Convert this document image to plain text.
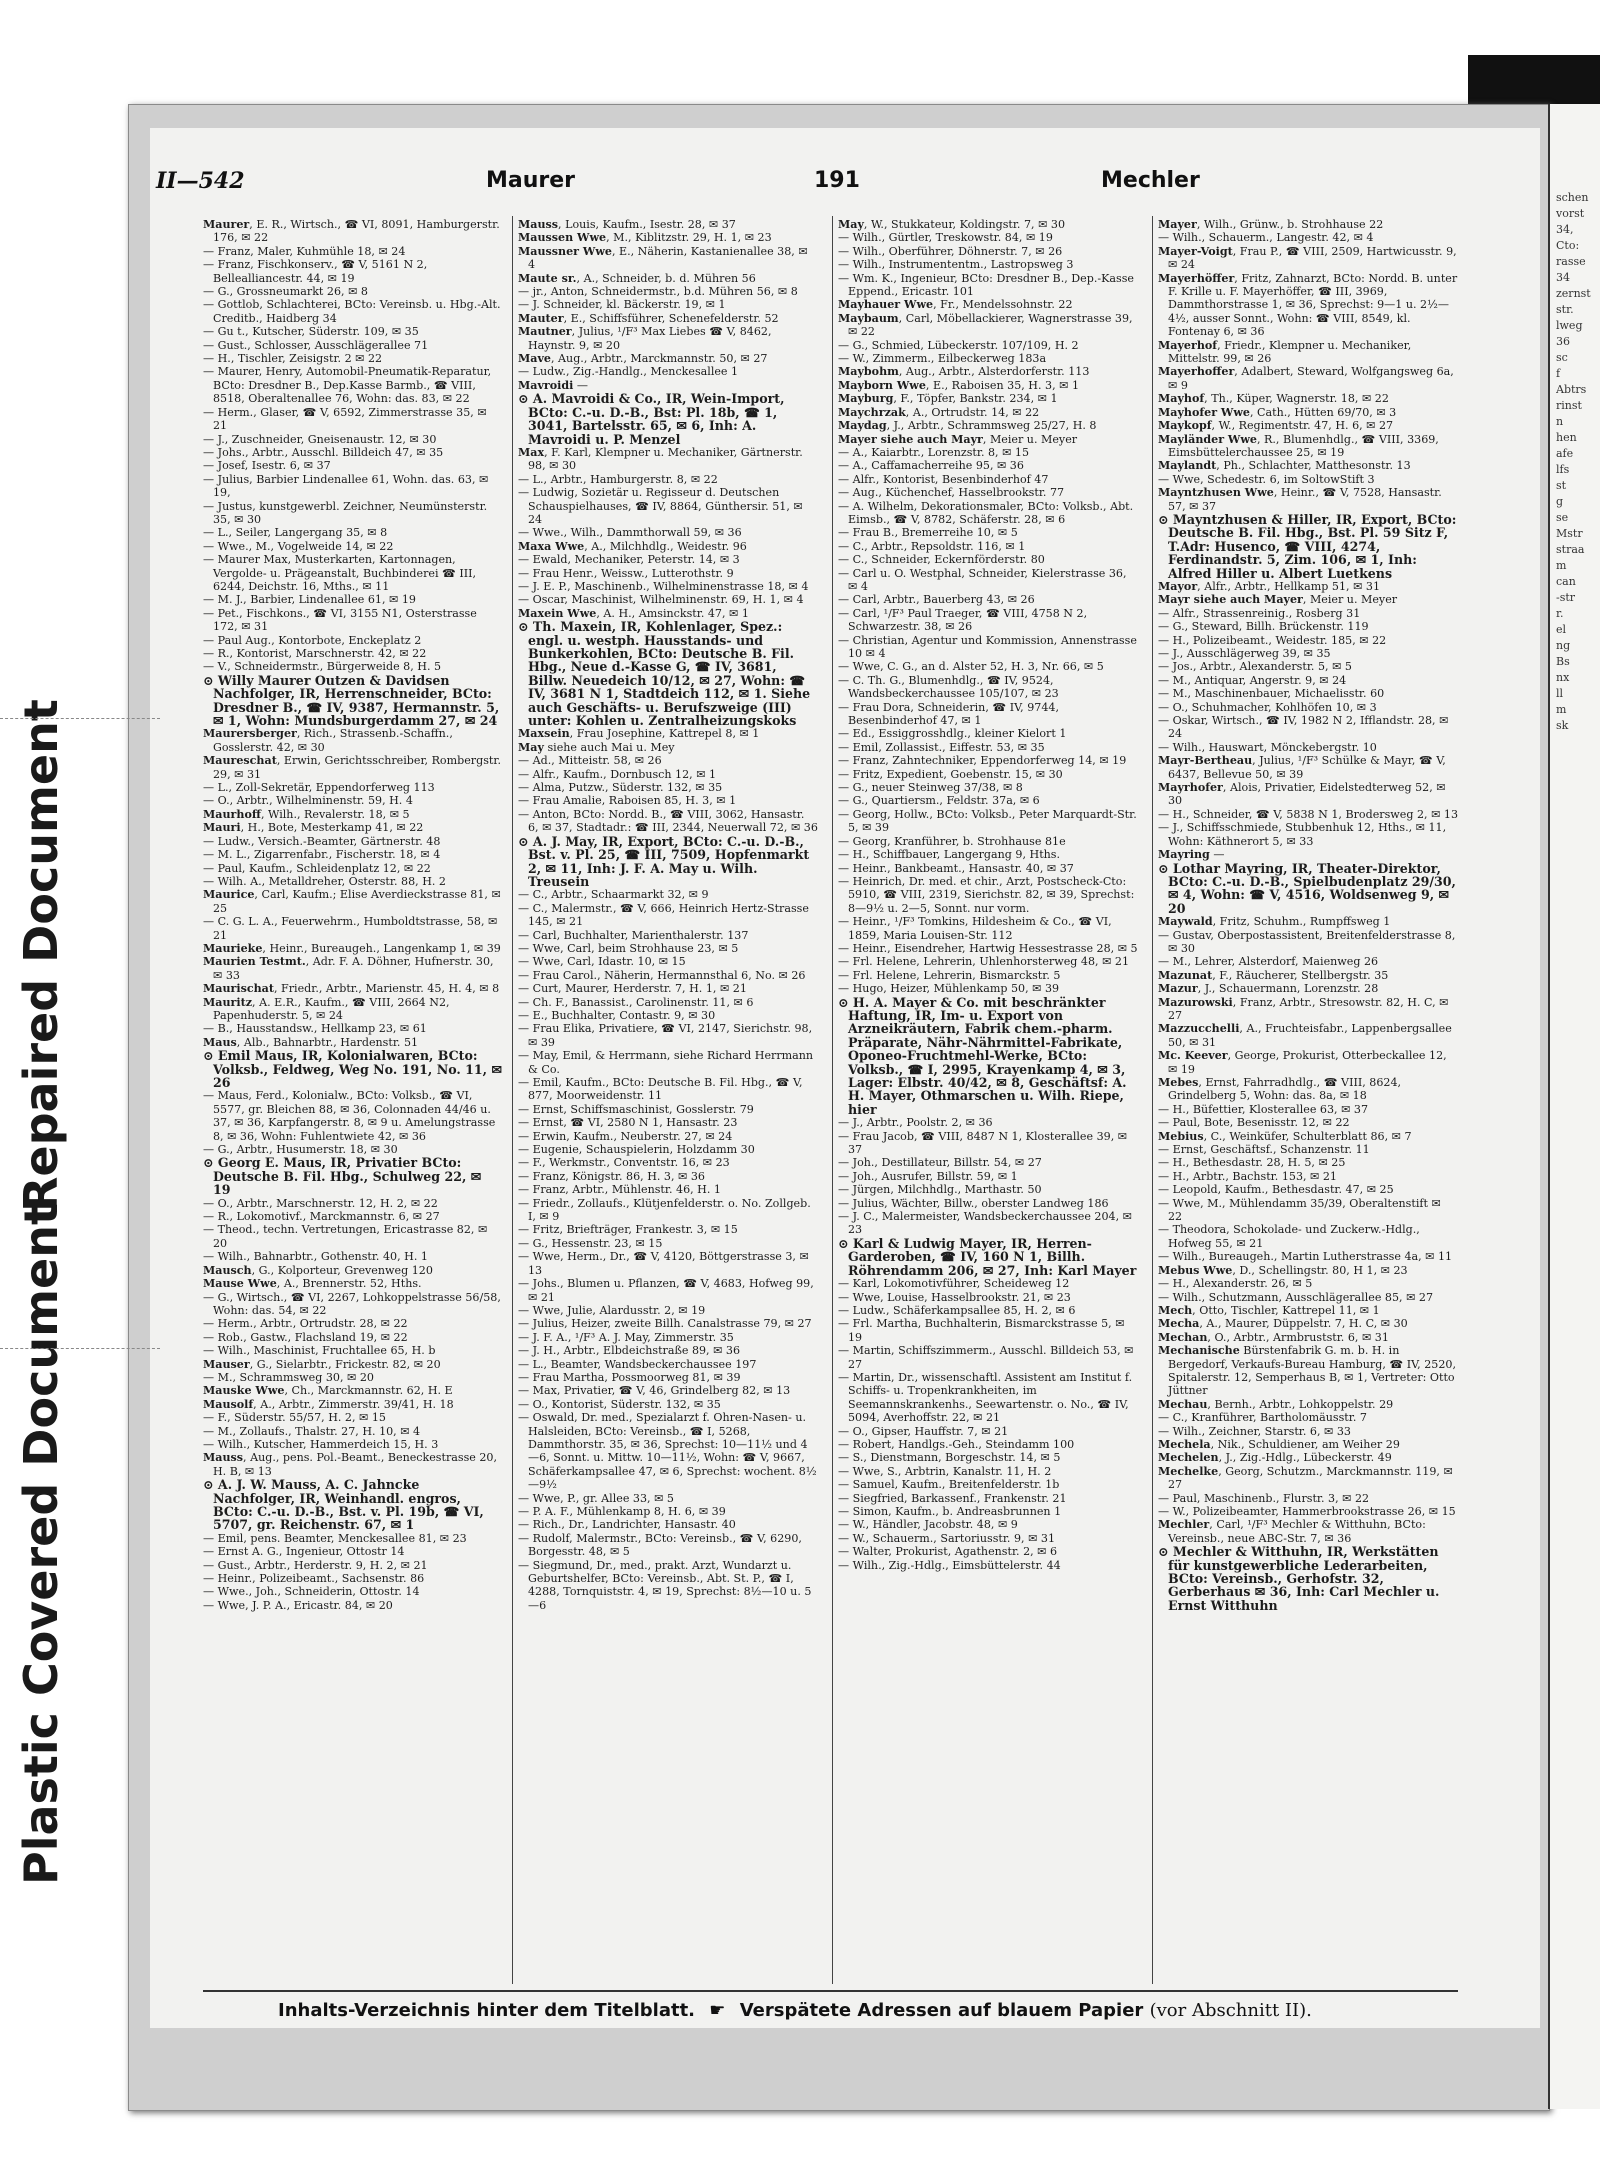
schen
vorst
34,
Cto:
rasse
34
zernst
str.
lweg
36
sc
f
Abtrs
rinst
n
hen
afe
lfs
st
g
se
Mstr
straa
m
can
-str
r.
el
ng
Bs
nx
ll
m
sk
Repaired Document
Plastic Covered Document
II—542	Maurer	191	Mechler

Maurer, E. R., Wirtsch., ☎ VI, 8091, Hamburgerstr. 176, ✉ 22

— Franz, Maler, Kuhmühle 18, ✉ 24

— Franz, Fischkonserv., ☎ V, 5161 N 2, Bellealliancestr. 44, ✉ 19

— G., Grossneumarkt 26, ✉ 8

— Gottlob, Schlachterei, BCto: Vereinsb. u. Hbg.-Alt. Creditb., Haidberg 34

— Gu t., Kutscher, Süderstr. 109, ✉ 35

— Gust., Schlosser, Ausschlägerallee 71

— H., Tischler, Zeisigstr. 2 ✉ 22

— Maurer, Henry, Automobil-Pneumatik-Reparatur, BCto: Dresdner B., Dep.Kasse Barmb., ☎ VIII, 8518, Oberaltenallee 76, Wohn: das. 83, ✉ 22

— Herm., Glaser, ☎ V, 6592, Zimmerstrasse 35, ✉ 21

— J., Zuschneider, Gneisenaustr. 12, ✉ 30

— Johs., Arbtr., Ausschl. Billdeich 47, ✉ 35

— Josef, Isestr. 6, ✉ 37

— Julius, Barbier Lindenallee 61, Wohn. das. 63, ✉ 19,

— Justus, kunstgewerbl. Zeichner, Neumünsterstr. 35, ✉ 30

— L., Seiler, Langergang 35, ✉ 8

— Wwe., M., Vogelweide 14, ✉ 22

— Maurer Max, Musterkarten, Kartonnagen, Vergolde- u. Prägeanstalt, Buchbinderei ☎ III, 6244, Deichstr. 16, Mths., ✉ 11

— M. J., Barbier, Lindenallee 61, ✉ 19

— Pet., Fischkons., ☎ VI, 3155 N1, Osterstrasse 172, ✉ 31

— Paul Aug., Kontorbote, Enckeplatz 2

— R., Kontorist, Marschnerstr. 42, ✉ 22

— V., Schneidermstr., Bürgerweide 8, H. 5

⊙ Willy Maurer Outzen & Davidsen Nachfolger, IR, Herrenschneider, BCto: Dresdner B., ☎ IV, 9387, Hermannstr. 5, ✉ 1, Wohn: Mundsburgerdamm 27, ✉ 24

Maurersberger, Rich., Strassenb.-Schaffn., Gosslerstr. 42, ✉ 30

Maureschat, Erwin, Gerichtsschreiber, Rombergstr. 29, ✉ 31

— L., Zoll-Sekretär, Eppendorferweg 113

— O., Arbtr., Wilhelminenstr. 59, H. 4

Maurhoff, Wilh., Revalerstr. 18, ✉ 5

Mauri, H., Bote, Mesterkamp 41, ✉ 22

— Ludw., Versich.-Beamter, Gärtnerstr. 48

— M. L., Zigarrenfabr., Fischerstr. 18, ✉ 4

— Paul, Kaufm., Schleidenplatz 12, ✉ 22

— Wilh. A., Metalldreher, Osterstr. 88, H. 2

Maurice, Carl, Kaufm.; Elise Averdieckstrasse 81, ✉ 25

— C. G. L. A., Feuerwehrm., Humboldtstrasse, 58, ✉ 21

Maurieke, Heinr., Bureaugeh., Langenkamp 1, ✉ 39

Maurien Testmt., Adr. F. A. Döhner, Hufnerstr. 30, ✉ 33

Maurischat, Friedr., Arbtr., Marienstr. 45, H. 4, ✉ 8

Mauritz, A. E.R., Kaufm., ☎ VIII, 2664 N2, Papenhuderstr. 5, ✉ 24

— B., Hausstandsw., Hellkamp 23, ✉ 61

Maus, Alb., Bahnarbtr., Hardenstr. 51

⊙ Emil Maus, IR, Kolonialwaren, BCto: Volksb., Feldweg, Weg No. 191, No. 11, ✉ 26

— Maus, Ferd., Kolonialw., BCto: Volksb., ☎ VI, 5577, gr. Bleichen 88, ✉ 36, Colonnaden 44/46 u. 37, ✉ 36, Karpfangerstr. 8, ✉ 9 u. Amelungstrasse 8, ✉ 36, Wohn: Fuhlentwiete 42, ✉ 36

— G., Arbtr., Husumerstr. 18, ✉ 30

⊙ Georg E. Maus, IR, Privatier BCto: Deutsche B. Fil. Hbg., Schulweg 22, ✉ 19

— O., Arbtr., Marschnerstr. 12, H. 2, ✉ 22

— R., Lokomotivf., Marckmannstr. 6, ✉ 27

— Theod., techn. Vertretungen, Ericastrasse 82, ✉ 20

— Wilh., Bahnarbtr., Gothenstr. 40, H. 1

Mausch, G., Kolporteur, Grevenweg 120

Mause Wwe, A., Brennerstr. 52, Hths.

— G., Wirtsch., ☎ VI, 2267, Lohkoppelstrasse 56/58, Wohn: das. 54, ✉ 22

— Herm., Arbtr., Ortrudstr. 28, ✉ 22

— Rob., Gastw., Flachsland 19, ✉ 22

— Wilh., Maschinist, Fruchtallee 65, H. b

Mauser, G., Sielarbtr., Frickestr. 82, ✉ 20

— M., Schrammsweg 30, ✉ 20

Mauske Wwe, Ch., Marckmannstr. 62, H. E

Mausolf, A., Arbtr., Zimmerstr. 39/41, H. 18

— F., Süderstr. 55/57, H. 2, ✉ 15

— M., Zollaufs., Thalstr. 27, H. 10, ✉ 4

— Wilh., Kutscher, Hammerdeich 15, H. 3

Mauss, Aug., pens. Pol.-Beamt., Beneckestrasse 20, H. B, ✉ 13

⊙ A. J. W. Mauss, A. C. Jahncke Nachfolger, IR, Weinhandl. engros, BCto: C.-u. D.-B., Bst. v. Pl. 19b, ☎ VI, 5707, gr. Reichenstr. 67, ✉ 1

— Emil, pens. Beamter, Menckesallee 81, ✉ 23

— Ernst A. G., Ingenieur, Ottostr 14

— Gust., Arbtr., Herderstr. 9, H. 2, ✉ 21

— Heinr., Polizeibeamt., Sachsenstr. 86

— Wwe., Joh., Schneiderin, Ottostr. 14

— Wwe, J. P. A., Ericastr. 84, ✉ 20

Mauss, Louis, Kaufm., Isestr. 28, ✉ 37

Maussen Wwe, M., Kiblitzstr. 29, H. 1, ✉ 23

Maussner Wwe, E., Näherin, Kastanienallee 38, ✉ 4

Maute sr., A., Schneider, b. d. Mühren 56

— jr., Anton, Schneidermstr., b.d. Mühren 56, ✉ 8

— J. Schneider, kl. Bäckerstr. 19, ✉ 1

Mauter, E., Schiffsführer, Schenefelderstr. 52

Mautner, Julius, ¹/F³ Max Liebes ☎ V, 8462, Haynstr. 9, ✉ 20

Mave, Aug., Arbtr., Marckmannstr. 50, ✉ 27

— Ludw., Zig.-Handlg., Menckesallee 1

Mavroidi —

⊙ A. Mavroidi & Co., IR, Wein-Import, BCto: C.-u. D.-B., Bst: Pl. 18b, ☎ 1, 3041, Bartelsstr. 65, ✉ 6, Inh: A. Mavroidi u. P. Menzel

Max, F. Karl, Klempner u. Mechaniker, Gärtnerstr. 98, ✉ 30

— L., Arbtr., Hamburgerstr. 8, ✉ 22

— Ludwig, Sozietär u. Regisseur d. Deutschen Schauspielhauses, ☎ IV, 8864, Günthersir. 51, ✉ 24

— Wwe., Wilh., Dammthorwall 59, ✉ 36

Maxa Wwe, A., Milchhdlg., Weidestr. 96

— Ewald, Mechaniker, Peterstr. 14, ✉ 3

— Frau Henr., Weissw., Lutterothstr. 9

— J. E. P., Maschinenb., Wilhelminenstrasse 18, ✉ 4

— Oscar, Maschinist, Wilhelminenstr. 69, H. 1, ✉ 4

Maxein Wwe, A. H., Amsinckstr. 47, ✉ 1

⊙ Th. Maxein, IR, Kohlenlager, Spez.: engl. u. westph. Hausstands- und Bunkerkohlen, BCto: Deutsche B. Fil. Hbg., Neue d.-Kasse G, ☎ IV, 3681, Billw. Neuedeich 10/12, ✉ 27, Wohn: ☎ IV, 3681 N 1, Stadtdeich 112, ✉ 1. Siehe auch Geschäfts- u. Berufszweige (III) unter: Kohlen u. Zentralheizungskoks

Maxsein, Frau Josephine, Kattrepel 8, ✉ 1

May siehe auch Mai u. Mey

— Ad., Mitteistr. 58, ✉ 26

— Alfr., Kaufm., Dornbusch 12, ✉ 1

— Alma, Putzw., Süderstr. 132, ✉ 35

— Frau Amalie, Raboisen 85, H. 3, ✉ 1

— Anton, BCto: Nordd. B., ☎ VIII, 3062, Hansastr. 6, ✉ 37, Stadtadr.: ☎ III, 2344, Neuerwall 72, ✉ 36

⊙ A. J. May, IR, Export, BCto: C.-u. D.-B., Bst. v. Pl. 25, ☎ III, 7509, Hopfenmarkt 2, ✉ 11, Inh: J. F. A. May u. Wilh. Treusein

— C., Arbtr., Schaarmarkt 32, ✉ 9

— C., Malermstr., ☎ V, 666, Heinrich Hertz-Strasse 145, ✉ 21

— Carl, Buchhalter, Marienthalerstr. 137

— Wwe, Carl, beim Strohhause 23, ✉ 5

— Wwe, Carl, Idastr. 10, ✉ 15

— Frau Carol., Näherin, Hermannsthal 6, No. ✉ 26

— Curt, Maurer, Herderstr. 7, H. 1, ✉ 21

— Ch. F., Banassist., Carolinenstr. 11, ✉ 6

— E., Buchhalter, Contastr. 9, ✉ 30

— Frau Elika, Privatiere, ☎ VI, 2147, Sierichstr. 98, ✉ 39

— May, Emil, & Herrmann, siehe Richard Herrmann & Co.

— Emil, Kaufm., BCto: Deutsche B. Fil. Hbg., ☎ V, 877, Moorweidenstr. 11

— Ernst, Schiffsmaschinist, Gosslerstr. 79

— Ernst, ☎ VI, 2580 N 1, Hansastr. 23

— Erwin, Kaufm., Neuberstr. 27, ✉ 24

— Eugenie, Schauspielerin, Holzdamm 30

— F., Werkmstr., Conventstr. 16, ✉ 23

— Franz, Königstr. 86, H. 3, ✉ 36

— Franz, Arbtr., Mühlenstr. 46, H. 1

— Friedr., Zollaufs., Klütjenfelderstr. o. No. Zollgeb. I, ✉ 9

— Fritz, Briefträger, Frankestr. 3, ✉ 15

— G., Hessenstr. 23, ✉ 15

— Wwe, Herm., Dr., ☎ V, 4120, Böttgerstrasse 3, ✉ 13

— Johs., Blumen u. Pflanzen, ☎ V, 4683, Hofweg 99, ✉ 21

— Wwe, Julie, Alardusstr. 2, ✉ 19

— Julius, Heizer, zweite Billh. Canalstrasse 79, ✉ 27

— J. F. A., ¹/F³ A. J. May, Zimmerstr. 35

— J. H., Arbtr., Elbdeichstraße 89, ✉ 36

— L., Beamter, Wandsbeckerchaussee 197

— Frau Martha, Possmoorweg 81, ✉ 39

— Max, Privatier, ☎ V, 46, Grindelberg 82, ✉ 13

— O., Kontorist, Süderstr. 132, ✉ 35

— Oswald, Dr. med., Spezialarzt f. Ohren-Nasen- u. Halsleiden, BCto: Vereinsb., ☎ I, 5268, Dammthorstr. 35, ✉ 36, Sprechst: 10—11½ und 4—6, Sonnt. u. Mittw. 10—11½, Wohn: ☎ V, 9667, Schäferkampsallee 47, ✉ 6, Sprechst: wochent. 8½—9½

— Wwe, P., gr. Allee 33, ✉ 5

— P. A. F., Mühlenkamp 8, H. 6, ✉ 39

— Rich., Dr., Landrichter, Hansastr. 40

— Rudolf, Malermstr., BCto: Vereinsb., ☎ V, 6290, Borgesstr. 48, ✉ 5

— Siegmund, Dr., med., prakt. Arzt, Wundarzt u. Geburtshelfer, BCto: Vereinsb., Abt. St. P., ☎ I, 4288, Tornquiststr. 4, ✉ 19, Sprechst: 8½—10 u. 5—6

May, W., Stukkateur, Koldingstr. 7, ✉ 30

— Wilh., Gürtler, Treskowstr. 84, ✉ 19

— Wilh., Oberführer, Döhnerstr. 7, ✉ 26

— Wilh., Instrumententm., Lastropsweg 3

— Wm. K., Ingenieur, BCto: Dresdner B., Dep.-Kasse Eppend., Ericastr. 101

Mayhauer Wwe, Fr., Mendelssohnstr. 22

Maybaum, Carl, Möbellackierer, Wagnerstrasse 39, ✉ 22

— G., Schmied, Lübeckerstr. 107/109, H. 2

— W., Zimmerm., Eilbeckerweg 183a

Maybohm, Aug., Arbtr., Alsterdorferstr. 113

Mayborn Wwe, E., Raboisen 35, H. 3, ✉ 1

Mayburg, F., Töpfer, Bankstr. 234, ✉ 1

Maychrzak, A., Ortrudstr. 14, ✉ 22

Maydag, J., Arbtr., Schrammsweg 25/27, H. 8

Mayer siehe auch Mayr, Meier u. Meyer

— A., Kaiarbtr., Lorenzstr. 8, ✉ 15

— A., Caffamacherreihe 95, ✉ 36

— Alfr., Kontorist, Besenbinderhof 47

— Aug., Küchenchef, Hasselbrookstr. 77

— A. Wilhelm, Dekorationsmaler, BCto: Volksb., Abt. Eimsb., ☎ V, 8782, Schäferstr. 28, ✉ 6

— Frau B., Bremerreihe 10, ✉ 5

— C., Arbtr., Repsoldstr. 116, ✉ 1

— C., Schneider, Eckernförderstr. 80

— Carl u. O. Westphal, Schneider, Kielerstrasse 36, ✉ 4

— Carl, Arbtr., Bauerberg 43, ✉ 26

— Carl, ¹/F³ Paul Traeger, ☎ VIII, 4758 N 2, Schwarzestr. 38, ✉ 26

— Christian, Agentur und Kommission, Annenstrasse 10 ✉ 4

— Wwe, C. G., an d. Alster 52, H. 3, Nr. 66, ✉ 5

— C. Th. G., Blumenhdlg., ☎ IV, 9524, Wandsbeckerchaussee 105/107, ✉ 23

— Frau Dora, Schneiderin, ☎ IV, 9744, Besenbinderhof 47, ✉ 1

— Ed., Essiggrosshdlg., kleiner Kielort 1

— Emil, Zollassist., Eiffestr. 53, ✉ 35

— Franz, Zahntechniker, Eppendorferweg 14, ✉ 19

— Fritz, Expedient, Goebenstr. 15, ✉ 30

— G., neuer Steinweg 37/38, ✉ 8

— G., Quartiersm., Feldstr. 37a, ✉ 6

— Georg, Hollw., BCto: Volksb., Peter Marquardt-Str. 5, ✉ 39

— Georg, Kranführer, b. Strohhause 81e

— H., Schiffbauer, Langergang 9, Hths.

— Heinr., Bankbeamt., Hansastr. 40, ✉ 37

— Heinrich, Dr. med. et chir., Arzt, Postscheck-Cto: 5910, ☎ VIII, 2319, Sierichstr. 82, ✉ 39, Sprechst: 8—9½ u. 2—5, Sonnt. nur vorm.

— Heinr., ¹/F³ Tomkins, Hildesheim & Co., ☎ VI, 1859, Maria Louisen-Str. 112

— Heinr., Eisendreher, Hartwig Hessestrasse 28, ✉ 5

— Frl. Helene, Lehrerin, Uhlenhorsterweg 48, ✉ 21

— Frl. Helene, Lehrerin, Bismarckstr. 5

— Hugo, Heizer, Mühlenkamp 50, ✉ 39

⊙ H. A. Mayer & Co. mit beschränkter Haftung, IR, Im- u. Export von Arzneikräutern, Fabrik chem.-pharm. Präparate, Nähr-Nährmittel-Fabrikate, Oponeo-Fruchtmehl-Werke, BCto: Volksb., ☎ I, 2995, Krayenkamp 4, ✉ 3, Lager: Elbstr. 40/42, ✉ 8, Geschäftsf: A. H. Mayer, Othmarschen u. Wilh. Riepe, hier

— J., Arbtr., Poolstr. 2, ✉ 36

— Frau Jacob, ☎ VIII, 8487 N 1, Klosterallee 39, ✉ 37

— Joh., Destillateur, Billstr. 54, ✉ 27

— Joh., Ausrufer, Billstr. 59, ✉ 1

— Jürgen, Milchhdlg., Marthastr. 50

— Julius, Wächter, Billw., oberster Landweg 186

— J. C., Malermeister, Wandsbeckerchaussee 204, ✉ 23

⊙ Karl & Ludwig Mayer, IR, Herren-Garderoben, ☎ IV, 160 N 1, Billh. Röhrendamm 206, ✉ 27, Inh: Karl Mayer

— Karl, Lokomotivführer, Scheideweg 12

— Wwe, Louise, Hasselbrookstr. 21, ✉ 23

— Ludw., Schäferkampsallee 85, H. 2, ✉ 6

— Frl. Martha, Buchhalterin, Bismarckstrasse 5, ✉ 19

— Martin, Schiffszimmerm., Ausschl. Billdeich 53, ✉ 27

— Martin, Dr., wissenschaftl. Assistent am Institut f. Schiffs- u. Tropenkrankheiten, im Seemannskrankenhs., Seewartenstr. o. No., ☎ IV, 5094, Averhoffstr. 22, ✉ 21

— O., Gipser, Hauffstr. 7, ✉ 21

— Robert, Handlgs.-Geh., Steindamm 100

— S., Dienstmann, Borgeschstr. 14, ✉ 5

— Wwe, S., Arbtrin, Kanalstr. 11, H. 2

— Samuel, Kaufm., Breitenfelderstr. 1b

— Siegfried, Barkassenf., Frankenstr. 21

— Simon, Kaufm., b. Andreasbrunnen 1

— W., Händler, Jacobstr. 48, ✉ 9

— W., Schauerm., Sartoriusstr. 9, ✉ 31

— Walter, Prokurist, Agathenstr. 2, ✉ 6

— Wilh., Zig.-Hdlg., Eimsbüttelerstr. 44

Mayer, Wilh., Grünw., b. Strohhause 22

— Wilh., Schauerm., Langestr. 42, ✉ 4

Mayer-Voigt, Frau P., ☎ VIII, 2509, Hartwicusstr. 9, ✉ 24

Mayerhöffer, Fritz, Zahnarzt, BCto: Nordd. B. unter F. Krille u. F. Mayerhöffer, ☎ III, 3969, Dammthorstrasse 1, ✉ 36, Sprechst: 9—1 u. 2½—4½, ausser Sonnt., Wohn: ☎ VIII, 8549, kl. Fontenay 6, ✉ 36

Mayerhof, Friedr., Klempner u. Mechaniker, Mittelstr. 99, ✉ 26

Mayerhoffer, Adalbert, Steward, Wolfgangsweg 6a, ✉ 9

Mayhof, Th., Küper, Wagnerstr. 18, ✉ 22

Mayhofer Wwe, Cath., Hütten 69/70, ✉ 3

Maykopf, W., Regimentstr. 47, H. 6, ✉ 27

Mayländer Wwe, R., Blumenhdlg., ☎ VIII, 3369, Eimsbüttelerchaussee 25, ✉ 19

Maylandt, Ph., Schlachter, Matthesonstr. 13

— Wwe, Schedestr. 6, im SoltowStift 3

Mayntzhusen Wwe, Heinr., ☎ V, 7528, Hansastr. 57, ✉ 37

⊙ Mayntzhusen & Hiller, IR, Export, BCto: Deutsche B. Fil. Hbg., Bst. Pl. 59 Sitz F, T.Adr: Husenco, ☎ VIII, 4274, Ferdinandstr. 5, Zim. 106, ✉ 1, Inh: Alfred Hiller u. Albert Luetkens

Mayor, Alfr., Arbtr., Hellkamp 51, ✉ 31

Mayr siehe auch Mayer, Meier u. Meyer

— Alfr., Strassenreinig., Rosberg 31

— G., Steward, Billh. Brückenstr. 119

— H., Polizeibeamt., Weidestr. 185, ✉ 22

— J., Ausschlägerweg 39, ✉ 35

— Jos., Arbtr., Alexanderstr. 5, ✉ 5

— M., Antiquar, Angerstr. 9, ✉ 24

— M., Maschinenbauer, Michaelisstr. 60

— O., Schuhmacher, Kohlhöfen 10, ✉ 3

— Oskar, Wirtsch., ☎ IV, 1982 N 2, Ifflandstr. 28, ✉ 24

— Wilh., Hauswart, Mönckebergstr. 10

Mayr-Bertheau, Julius, ¹/F³ Schülke & Mayr, ☎ V, 6437, Bellevue 50, ✉ 39

Mayrhofer, Alois, Privatier, Eidelstedterweg 52, ✉ 30

— H., Schneider, ☎ V, 5838 N 1, Brodersweg 2, ✉ 13

— J., Schiffsschmiede, Stubbenhuk 12, Hths., ✉ 11, Wohn: Käthnerort 5, ✉ 33

Mayring —

⊙ Lothar Mayring, IR, Theater-Direktor, BCto: C.-u. D.-B., Spielbudenplatz 29/30, ✉ 4, Wohn: ☎ V, 4516, Woldsenweg 9, ✉ 20

Maywald, Fritz, Schuhm., Rumpffsweg 1

— Gustav, Oberpostassistent, Breitenfelderstrasse 8, ✉ 30

— M., Lehrer, Alsterdorf, Maienweg 26

Mazunat, F., Räucherer, Stellbergstr. 35

Mazur, J., Schauermann, Lorenzstr. 28

Mazurowski, Franz, Arbtr., Stresowstr. 82, H. C, ✉ 27

Mazzucchelli, A., Fruchteisfabr., Lappenbergsallee 50, ✉ 31

Mc. Keever, George, Prokurist, Otterbeckallee 12, ✉ 19

Mebes, Ernst, Fahrradhdlg., ☎ VIII, 8624, Grindelberg 5, Wohn: das. 8a, ✉ 18

— H., Büfettier, Klosterallee 63, ✉ 37

— Paul, Bote, Besenisstr. 12, ✉ 22

Mebius, C., Weinküfer, Schulterblatt 86, ✉ 7

— Ernst, Geschäftsf., Schanzenstr. 11

— H., Bethesdastr. 28, H. 5, ✉ 25

— H., Arbtr., Bachstr. 153, ✉ 21

— Leopold, Kaufm., Bethesdastr. 47, ✉ 25

— Wwe, M., Mühlendamm 35/39, Oberaltenstift ✉ 22

— Theodora, Schokolade- und Zuckerw.-Hdlg., Hofweg 55, ✉ 21

— Wilh., Bureaugeh., Martin Lutherstrasse 4a, ✉ 11

Mebus Wwe, D., Schellingstr. 80, H 1, ✉ 23

— H., Alexanderstr. 26, ✉ 5

— Wilh., Schutzmann, Ausschlägerallee 85, ✉ 27

Mech, Otto, Tischler, Kattrepel 11, ✉ 1

Mecha, A., Maurer, Düppelstr. 7, H. C, ✉ 30

Mechan, O., Arbtr., Armbruststr. 6, ✉ 31

Mechanische Bürstenfabrik G. m. b. H. in Bergedorf, Verkaufs-Bureau Hamburg, ☎ IV, 2520, Spitalerstr. 12, Semperhaus B, ✉ 1, Vertreter: Otto Jüttner

Mechau, Bernh., Arbtr., Lohkoppelstr. 29

— C., Kranführer, Bartholomäusstr. 7

— Wilh., Zeichner, Starstr. 6, ✉ 33

Mechela, Nik., Schuldiener, am Weiher 29

Mechelen, J., Zig.-Hdlg., Lübeckerstr. 49

Mechelke, Georg, Schutzm., Marckmannstr. 119, ✉ 27

— Paul, Maschinenb., Flurstr. 3, ✉ 22

— W., Polizeibeamter, Hammerbrookstrasse 26, ✉ 15

Mechler, Carl, ¹/F³ Mechler & Witthuhn, BCto: Vereinsb., neue ABC-Str. 7, ✉ 36

⊙ Mechler & Witthuhn, IR, Werkstätten für kunstgewerbliche Lederarbeiten, BCto: Vereinsb., Gerhofstr. 32, Gerberhaus ✉ 36, Inh: Carl Mechler u. Ernst Witthuhn

Inhalts-Verzeichnis hinter dem Titelblatt. ☛ Verspätete Adressen auf blauem Papier (vor Abschnitt II).
